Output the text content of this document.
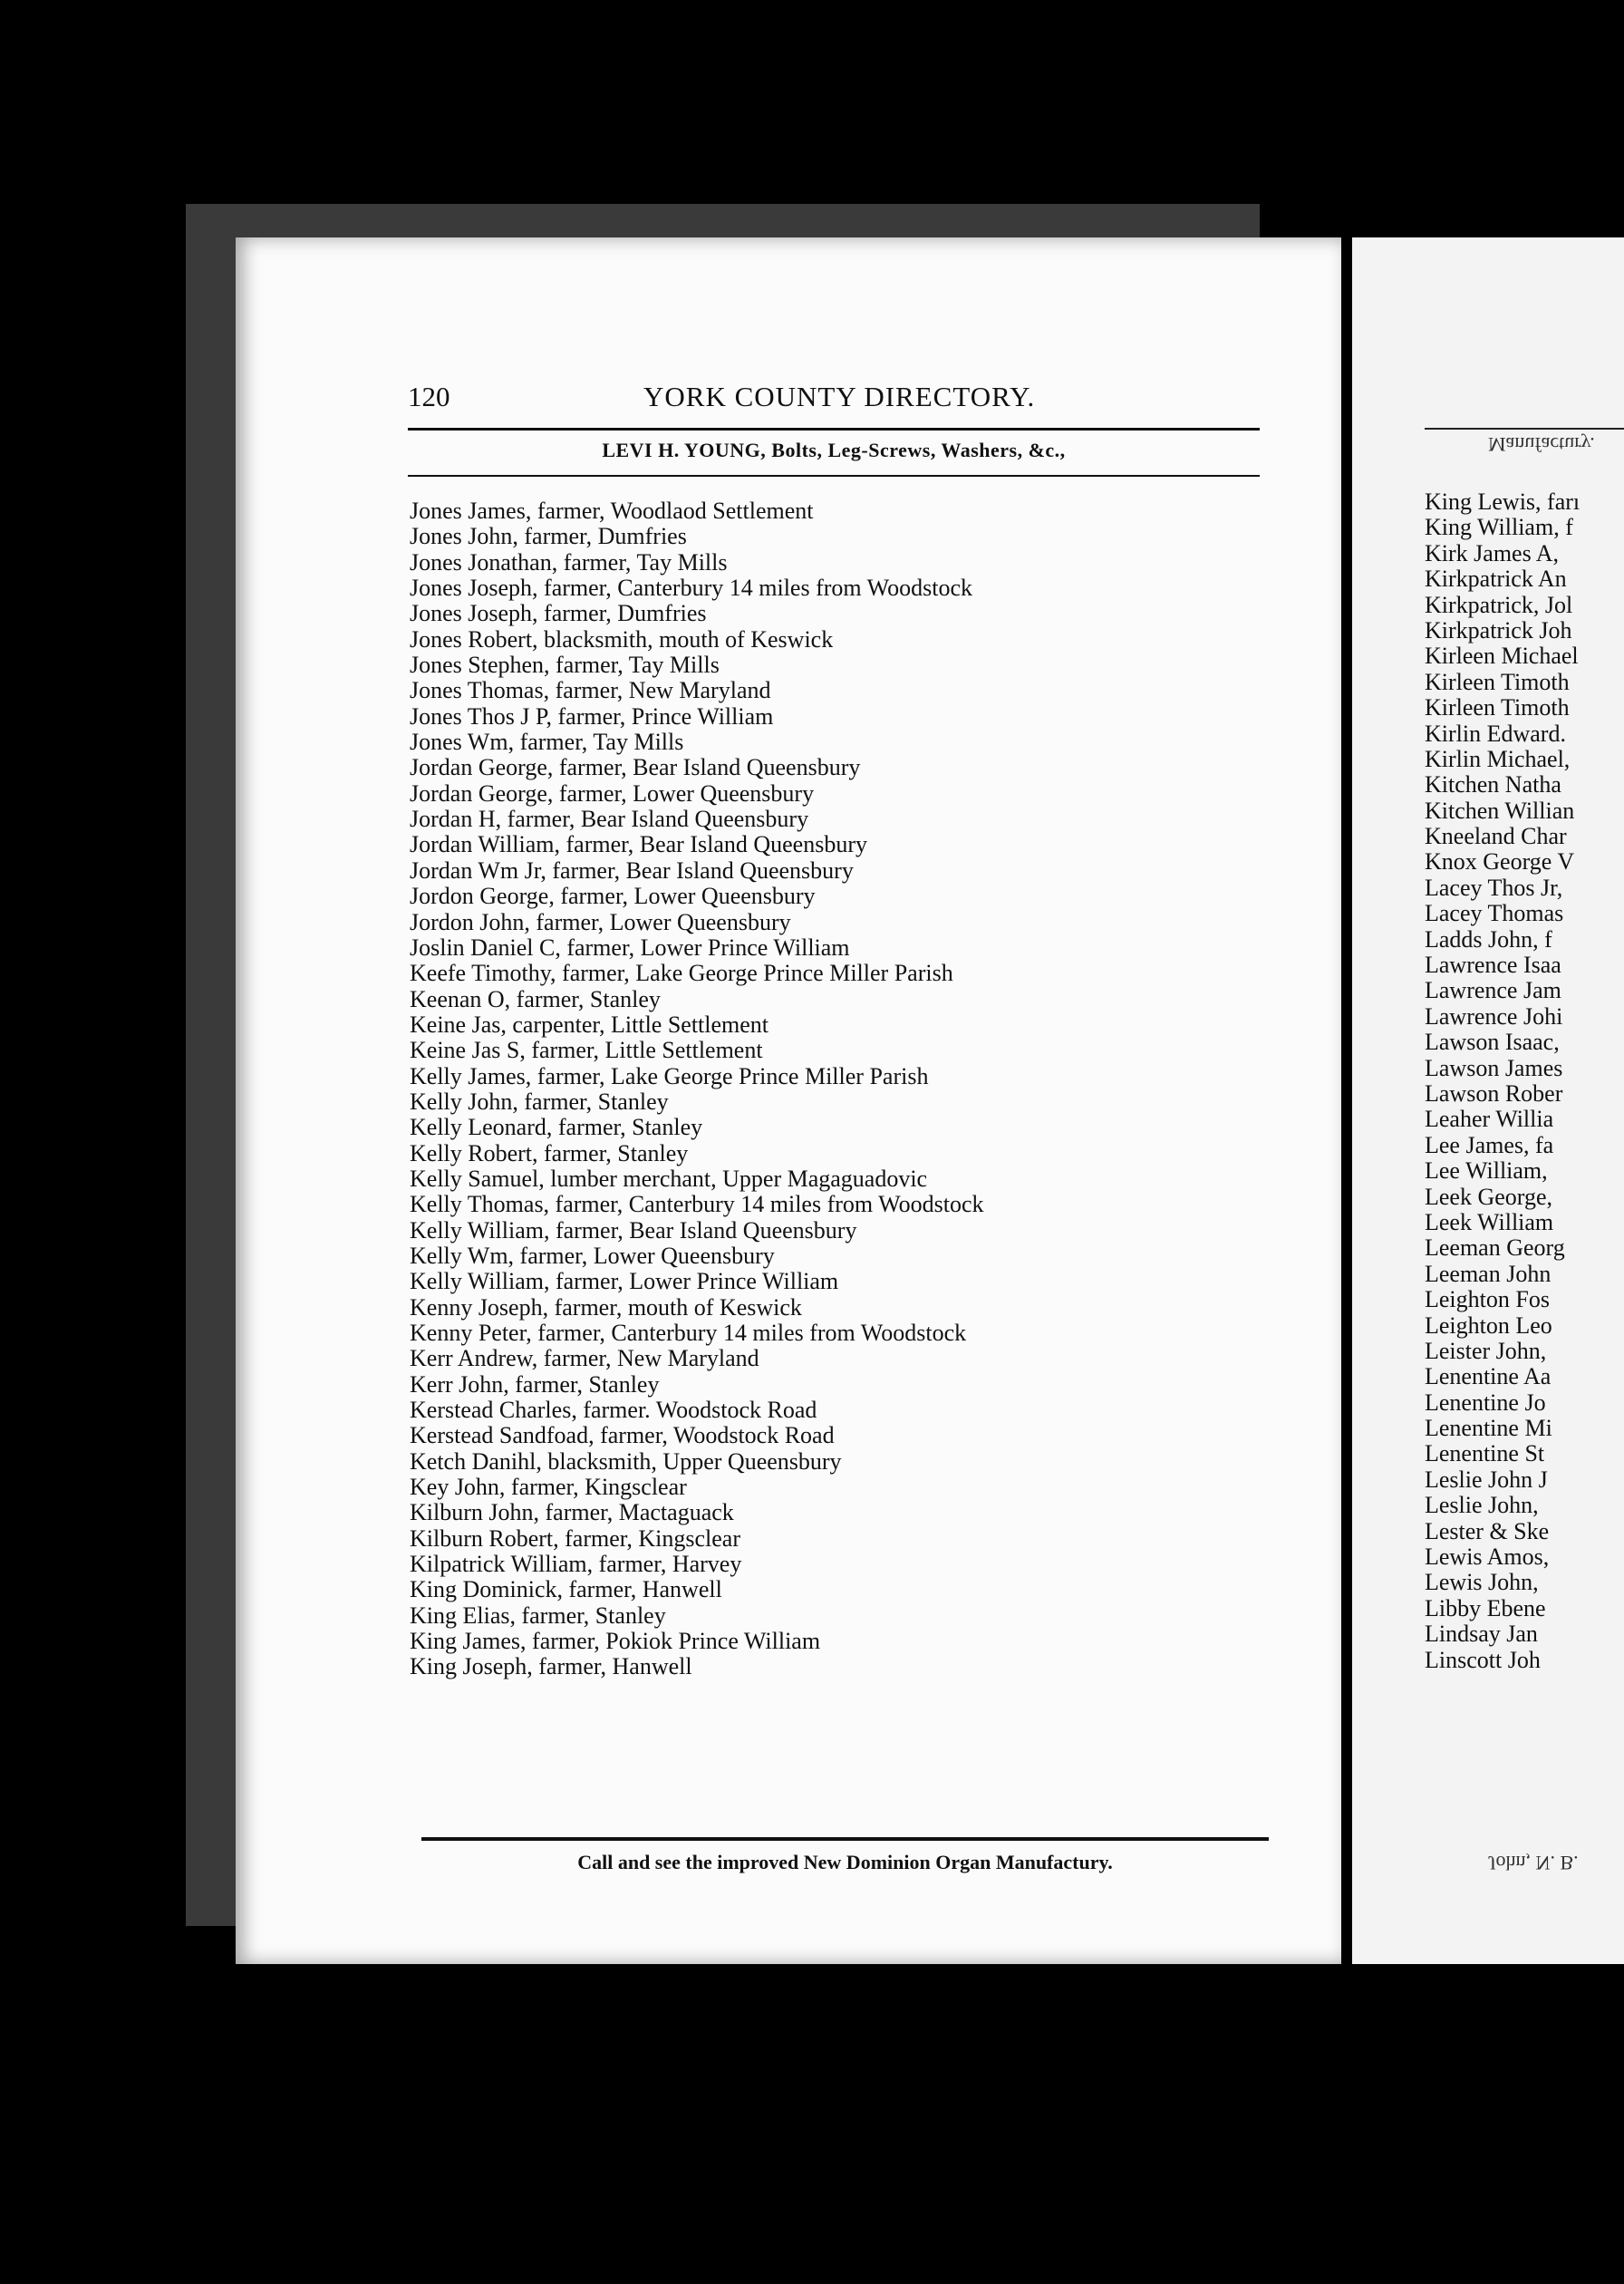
120	YORK COUNTY DIRECTORY.
LEVI H. YOUNG, Bolts, Leg-Screws, Washers, &c.,
Jones James, farmer, Woodlaod Settlement
Jones John, farmer, Dumfries
Jones Jonathan, farmer, Tay Mills
Jones Joseph, farmer, Canterbury 14 miles from Woodstock
Jones Joseph, farmer, Dumfries
Jones Robert, blacksmith, mouth of Keswick
Jones Stephen, farmer, Tay Mills
Jones Thomas, farmer, New Maryland
Jones Thos J P, farmer, Prince William
Jones Wm, farmer, Tay Mills
Jordan George, farmer, Bear Island Queensbury
Jordan George, farmer, Lower Queensbury
Jordan H, farmer, Bear Island Queensbury
Jordan William, farmer, Bear Island Queensbury
Jordan Wm Jr, farmer, Bear Island Queensbury
Jordon George, farmer, Lower Queensbury
Jordon John, farmer, Lower Queensbury
Joslin Daniel C, farmer, Lower Prince William
Keefe Timothy, farmer, Lake George Prince Miller Parish
Keenan O, farmer, Stanley
Keine Jas, carpenter, Little Settlement
Keine Jas S, farmer, Little Settlement
Kelly James, farmer, Lake George Prince Miller Parish
Kelly John, farmer, Stanley
Kelly Leonard, farmer, Stanley
Kelly Robert, farmer, Stanley
Kelly Samuel, lumber merchant, Upper Magaguadovic
Kelly Thomas, farmer, Canterbury 14 miles from Woodstock
Kelly William, farmer, Bear Island Queensbury
Kelly Wm, farmer, Lower Queensbury
Kelly William, farmer, Lower Prince William
Kenny Joseph, farmer, mouth of Keswick
Kenny Peter, farmer, Canterbury 14 miles from Woodstock
Kerr Andrew, farmer, New Maryland
Kerr John, farmer, Stanley
Kerstead Charles, farmer. Woodstock Road
Kerstead Sandfoad, farmer, Woodstock Road
Ketch Danihl, blacksmith, Upper Queensbury
Key John, farmer, Kingsclear
Kilburn John, farmer, Mactaguack
Kilburn Robert, farmer, Kingsclear
Kilpatrick William, farmer, Harvey
King Dominick, farmer, Hanwell
King Elias, farmer, Stanley
King James, farmer, Pokiok Prince William
King Joseph, farmer, Hanwell
Call and see the improved New Dominion Organ Manufactury.
Manufactury.
King Lewis, farı
King William, f
Kirk James A,
Kirkpatrick An
Kirkpatrick, Jol
Kirkpatrick Joh
Kirleen Michael
Kirleen Timoth
Kirleen Timoth
Kirlin Edward.
Kirlin Michael,
Kitchen Natha
Kitchen Willian
Kneeland Char
Knox George V
Lacey Thos Jr,
Lacey Thomas
Ladds John, f
Lawrence Isaa
Lawrence Jam
Lawrence Johi
Lawson Isaac,
Lawson James
Lawson Rober
Leaher Willia
Lee James, fa
Lee William,
Leek George,
Leek William
Leeman Georg
Leeman John
Leighton Fos
Leighton Leo
Leister John,
Lenentine Aa
Lenentine Jo
Lenentine Mi
Lenentine St
Leslie John J
Leslie John,
Lester & Ske
Lewis Amos,
Lewis John,
Libby Ebene
Lindsay Jan
Linscott Joh
John, N. B.
